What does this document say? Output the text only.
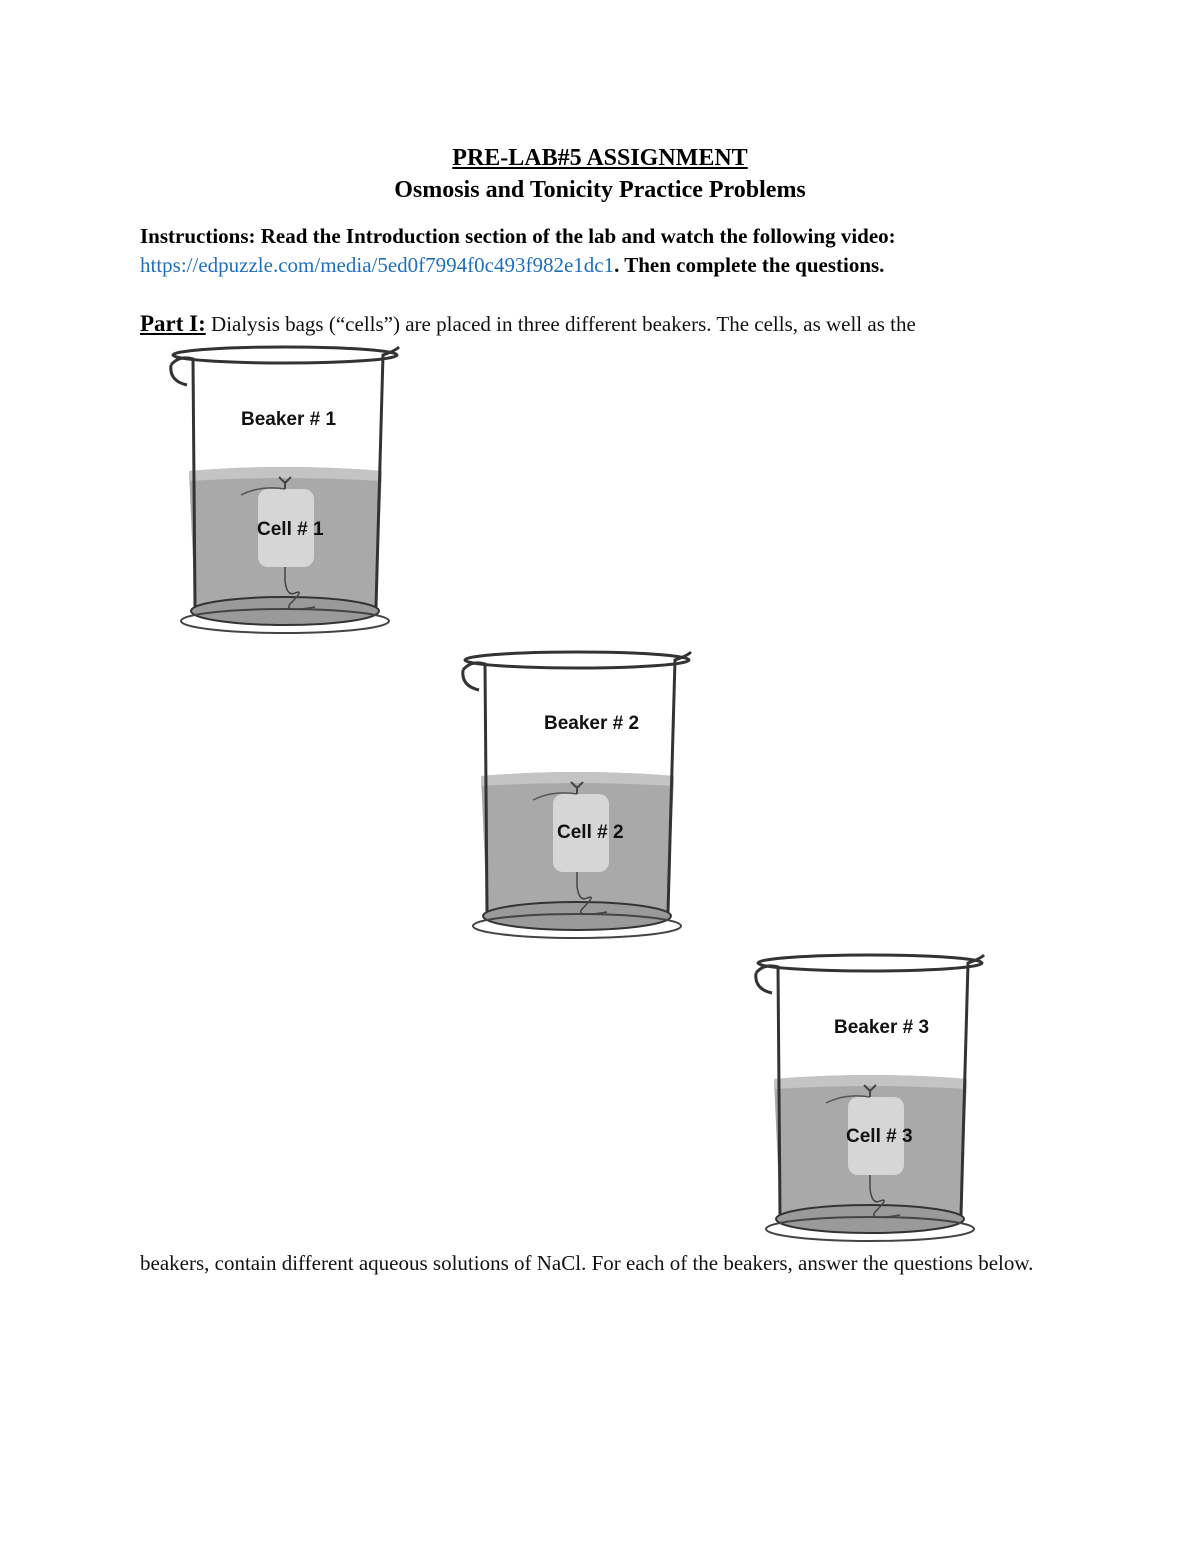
PRE-LAB#5 ASSIGNMENT

Osmosis and Tonicity Practice Problems

Instructions: Read the Introduction section of the lab and watch the following video:
https://edpuzzle.com/media/5ed0f7994f0c493f982e1dc1. Then complete the questions.

Part I: Dialysis bags (“cells”) are placed in three different beakers. The cells, as well as the

Beaker # 1
Cell # 1
Beaker # 2
Cell # 2
Beaker # 3
Cell # 3

beakers, contain different aqueous solutions of NaCl. For each of the beakers, answer the questions below.
